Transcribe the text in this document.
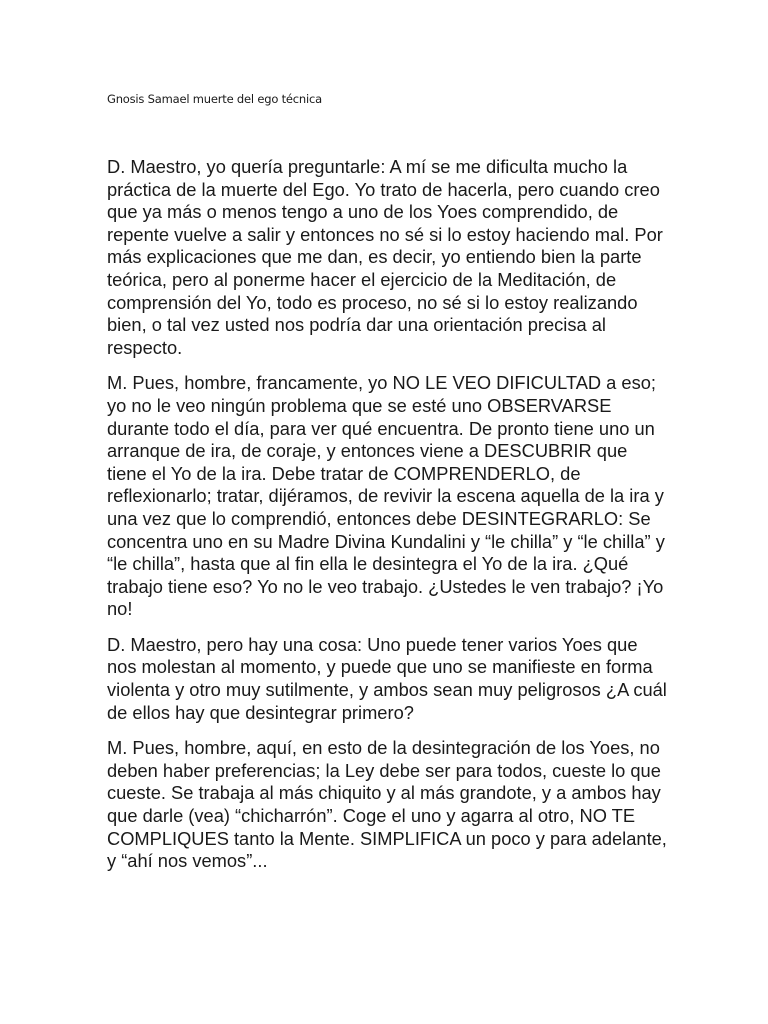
Gnosis Samael muerte del ego técnica

D. Maestro, yo quería preguntarle: A mí se me dificulta mucho la práctica de la muerte del Ego. Yo trato de hacerla, pero cuando creo que ya más o menos tengo a uno de los Yoes comprendido, de repente vuelve a salir y entonces no sé si lo estoy haciendo mal. Por más explicaciones que me dan, es decir, yo entiendo bien la parte teórica, pero al ponerme hacer el ejercicio de la Meditación, de comprensión del Yo, todo es proceso, no sé si lo estoy realizando bien, o tal vez usted nos podría dar una orientación precisa al respecto.

M. Pues, hombre, francamente, yo NO LE VEO DIFICULTAD a eso; yo no le veo ningún problema que se esté uno OBSERVARSE durante todo el día, para ver qué encuentra. De pronto tiene uno un arranque de ira, de coraje, y entonces viene a DESCUBRIR que tiene el Yo de la ira. Debe tratar de COMPRENDERLO, de reflexionarlo; tratar, dijéramos, de revivir la escena aquella de la ira y una vez que lo comprendió, entonces debe DESINTEGRARLO: Se concentra uno en su Madre Divina Kundalini y “le chilla” y “le chilla” y “le chilla”, hasta que al fin ella le desintegra el Yo de la ira. ¿Qué trabajo tiene eso? Yo no le veo trabajo. ¿Ustedes le ven trabajo? ¡Yo no!

D. Maestro, pero hay una cosa: Uno puede tener varios Yoes que nos molestan al momento, y puede que uno se manifieste en forma violenta y otro muy sutilmente, y ambos sean muy peligrosos ¿A cuál de ellos hay que desintegrar primero?

M. Pues, hombre, aquí, en esto de la desintegración de los Yoes, no deben haber preferencias; la Ley debe ser para todos, cueste lo que cueste. Se trabaja al más chiquito y al más grandote, y a ambos hay que darle (vea) “chicharrón”. Coge el uno y agarra al otro, NO TE COMPLIQUES tanto la Mente. SIMPLIFICA un poco y para adelante, y “ahí nos vemos”...
